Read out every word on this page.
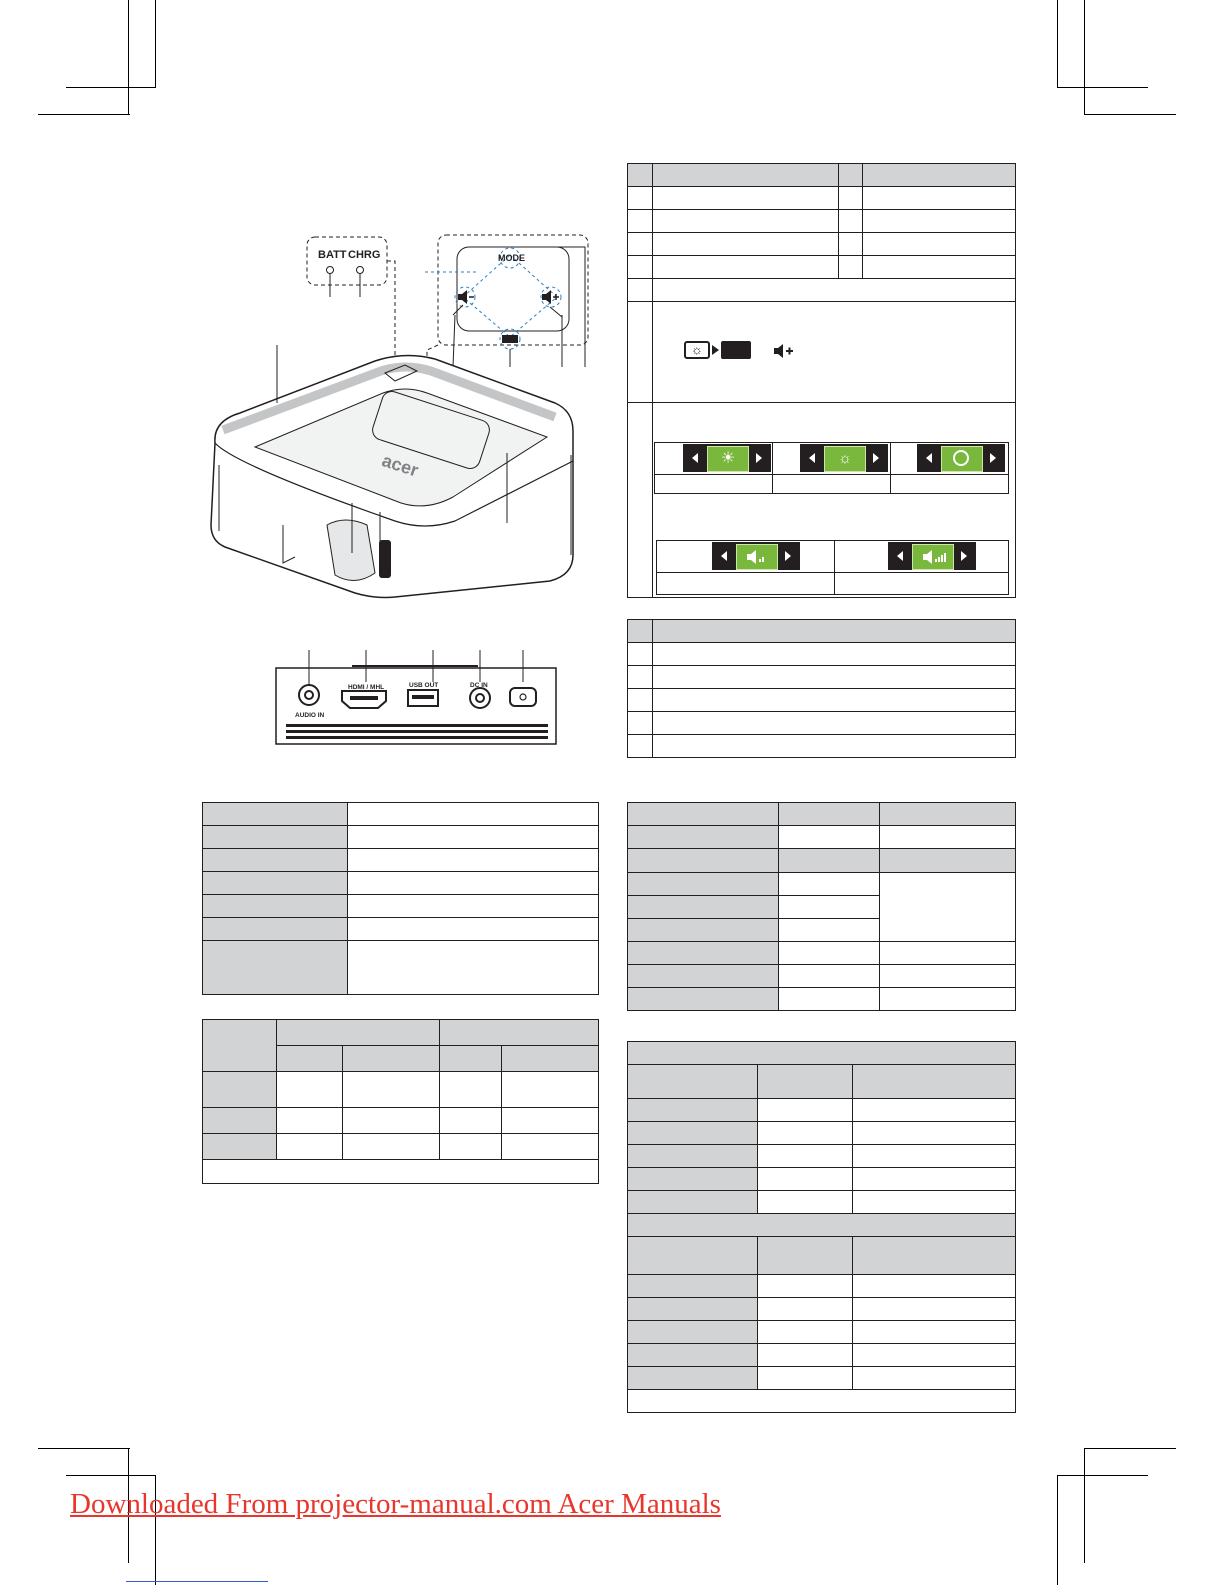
BATT CHRG	MODE
acer
AUDIO IN
HDMI / MHL	USB OUT	DC IN

☼

☀	☼

Downloaded From projector-manual.com Acer Manuals
